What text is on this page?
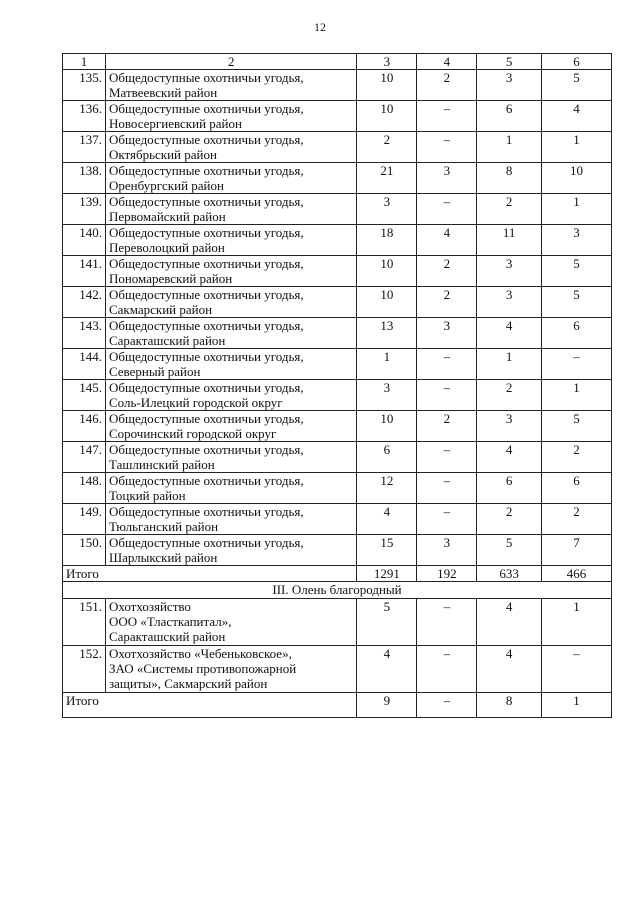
12
1	2	3	4	5	6
135.	Общедоступные охотничьи угодья,
Матвеевский район	10	2	3	5
136.	Общедоступные охотничьи угодья,
Новосергиевский район	10	–	6	4
137.	Общедоступные охотничьи угодья,
Октябрьский район	2	–	1	1
138.	Общедоступные охотничьи угодья,
Оренбургский район	21	3	8	10
139.	Общедоступные охотничьи угодья,
Первомайский район	3	–	2	1
140.	Общедоступные охотничьи угодья,
Переволоцкий район	18	4	11	3
141.	Общедоступные охотничьи угодья,
Пономаревский район	10	2	3	5
142.	Общедоступные охотничьи угодья,
Сакмарский район	10	2	3	5
143.	Общедоступные охотничьи угодья,
Саракташский район	13	3	4	6
144.	Общедоступные охотничьи угодья,
Северный район	1	–	1	–
145.	Общедоступные охотничьи угодья,
Соль-Илецкий городской округ	3	–	2	1
146.	Общедоступные охотничьи угодья,
Сорочинский городской округ	10	2	3	5
147.	Общедоступные охотничьи угодья,
Ташлинский район	6	–	4	2
148.	Общедоступные охотничьи угодья,
Тоцкий район	12	–	6	6
149.	Общедоступные охотничьи угодья,
Тюльганский район	4	–	2	2
150.	Общедоступные охотничьи угодья,
Шарлыкский район	15	3	5	7
Итого		1291	192	633	466
III. Олень благородный					
151.	Охотхозяйство
ООО «Тласткапитал»,
Саракташский район	5	–	4	1
152.	Охотхозяйство «Чебеньковское»,
ЗАО «Системы противопожарной
защиты», Сакмарский район	4	–	4	–
Итого		9	–	8	1
